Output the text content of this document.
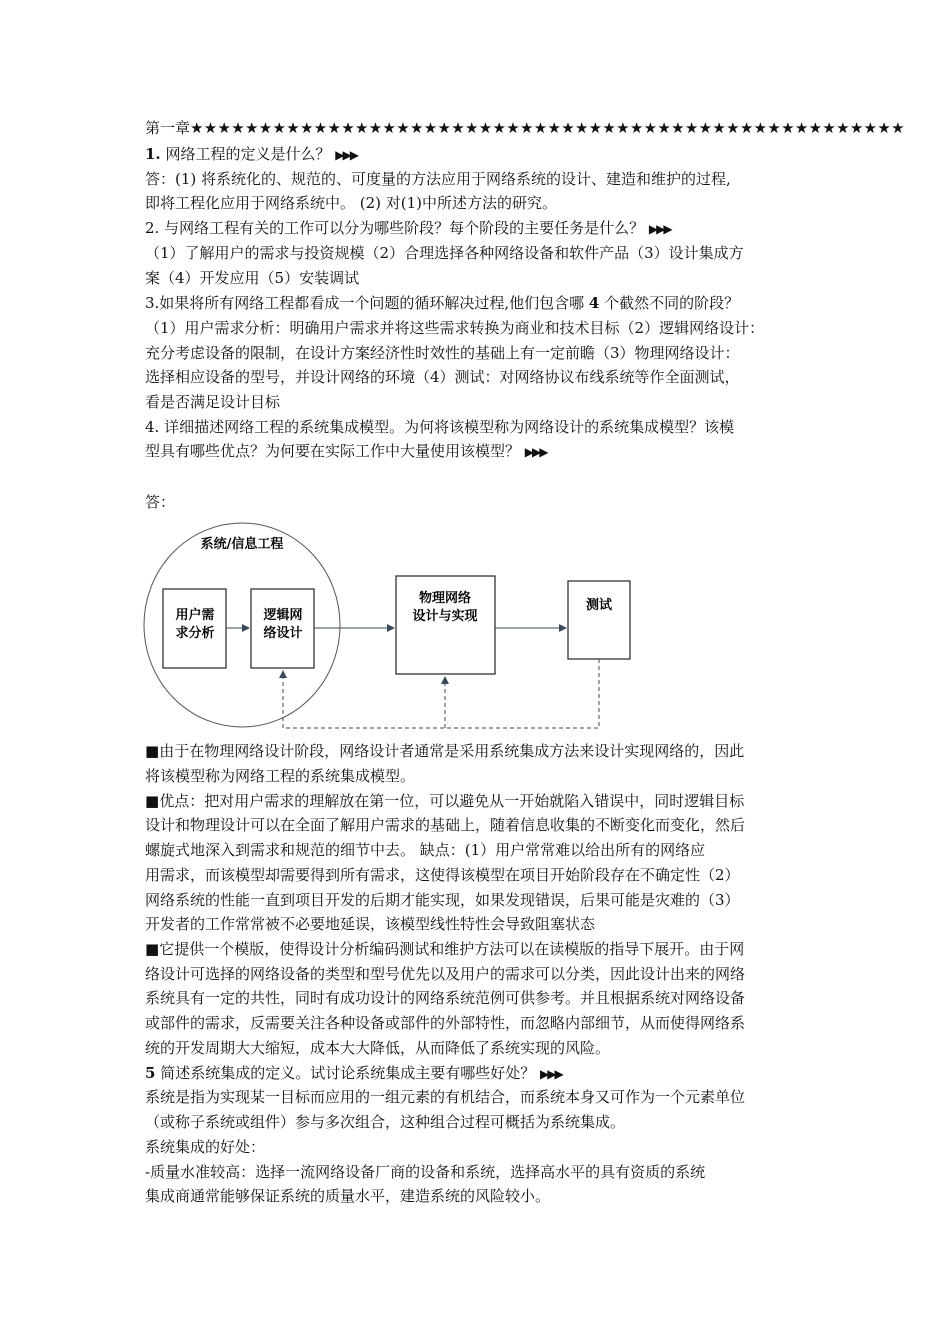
第一章★★★★★★★★★★★★★★★★★★★★★★★★★★★★★★★★★★★★★★★★★★★★★★★★★★★★
1. 网络工程的定义是什么？ ▶▶▶
答：(1) 将系统化的、规范的、可度量的方法应用于网络系统的设计、建造和维护的过程,
即将工程化应用于网络系统中。 (2) 对(1)中所述方法的研究。
2. 与网络工程有关的工作可以分为哪些阶段？每个阶段的主要任务是什么？ ▶▶▶
（1）了解用户的需求与投资规模（2）合理选择各种网络设备和软件产品（3）设计集成方
案（4）开发应用（5）安装调试
3.如果将所有网络工程都看成一个问题的循环解决过程,他们包含哪 4 个截然不同的阶段？
（1）用户需求分析：明确用户需求并将这些需求转换为商业和技术目标（2）逻辑网络设计：
充分考虑设备的限制，在设计方案经济性时效性的基础上有一定前瞻（3）物理网络设计：
选择相应设备的型号，并设计网络的环境（4）测试：对网络协议布线系统等作全面测试，
看是否满足设计目标
4. 详细描述网络工程的系统集成模型。为何将该模型称为网络设计的系统集成模型？该模
型具有哪些优点？为何要在实际工作中大量使用该模型？ ▶▶▶
答：
系统/信息工程
用户需
求分析
逻辑网
络设计
物理网络
设计与实现
测试
■由于在物理网络设计阶段，网络设计者通常是采用系统集成方法来设计实现网络的，因此
将该模型称为网络工程的系统集成模型。
■优点：把对用户需求的理解放在第一位，可以避免从一开始就陷入错误中，同时逻辑目标
设计和物理设计可以在全面了解用户需求的基础上，随着信息收集的不断变化而变化，然后
螺旋式地深入到需求和规范的细节中去。 缺点：(1）用户常常难以给出所有的网络应
用需求，而该模型却需要得到所有需求，这使得该模型在项目开始阶段存在不确定性（2）
网络系统的性能一直到项目开发的后期才能实现，如果发现错误，后果可能是灾难的（3）
开发者的工作常常被不必要地延误，该模型线性特性会导致阻塞状态
■它提供一个模版，使得设计分析编码测试和维护方法可以在读模版的指导下展开。由于网
络设计可选择的网络设备的类型和型号优先以及用户的需求可以分类，因此设计出来的网络
系统具有一定的共性，同时有成功设计的网络系统范例可供参考。并且根据系统对网络设备
或部件的需求，反需要关注各种设备或部件的外部特性，而忽略内部细节，从而使得网络系
统的开发周期大大缩短，成本大大降低，从而降低了系统实现的风险。
5 简述系统集成的定义。试讨论系统集成主要有哪些好处？ ▶▶▶
系统是指为实现某一目标而应用的一组元素的有机结合，而系统本身又可作为一个元素单位
（或称子系统或组件）参与多次组合，这种组合过程可概括为系统集成。
系统集成的好处：
-质量水准较高：选择一流网络设备厂商的设备和系统，选择高水平的具有资质的系统
集成商通常能够保证系统的质量水平，建造系统的风险较小。
